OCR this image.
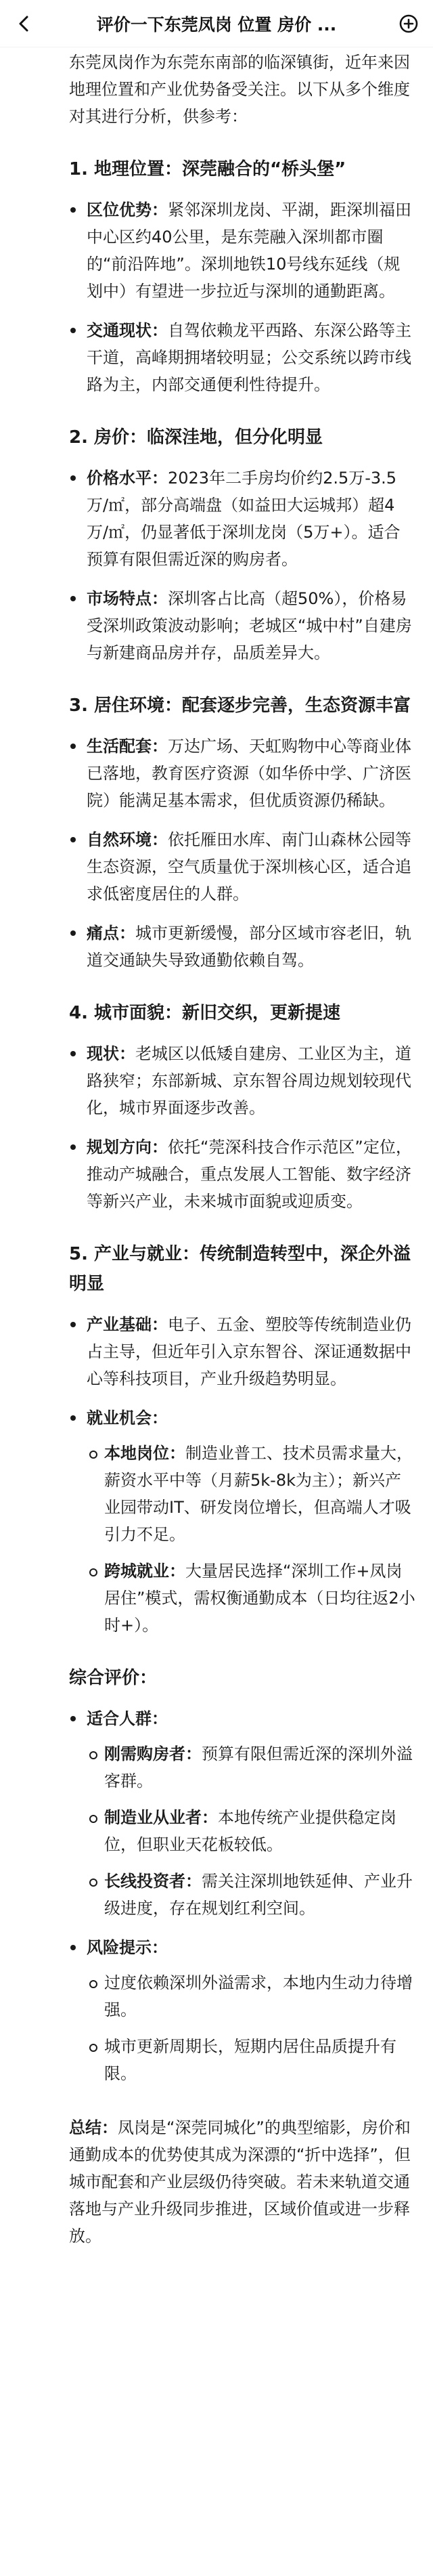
评价一下东莞凤岗 位置 房价 ...

东莞凤岗作为东莞东南部的临深镇街，近年来因地理位置和产业优势备受关注。以下从多个维度对其进行分析，供参考：

1. 地理位置：深莞融合的“桥头堡”
区位优势：紧邻深圳龙岗、平湖，距深圳福田中心区约40公里，是东莞融入深圳都市圈的“前沿阵地”。深圳地铁10号线东延线（规划中）有望进一步拉近与深圳的通勤距离。
交通现状：自驾依赖龙平西路、东深公路等主干道，高峰期拥堵较明显；公交系统以跨市线路为主，内部交通便利性待提升。
2. 房价：临深洼地，但分化明显
价格水平：2023年二手房均价约2.5万-3.5万/㎡，部分高端盘（如益田大运城邦）超4万/㎡，仍显著低于深圳龙岗（5万+）。适合预算有限但需近深的购房者。
市场特点：深圳客占比高（超50%），价格易受深圳政策波动影响；老城区“城中村”自建房与新建商品房并存，品质差异大。
3. 居住环境：配套逐步完善，生态资源丰富
生活配套：万达广场、天虹购物中心等商业体已落地，教育医疗资源（如华侨中学、广济医院）能满足基本需求，但优质资源仍稀缺。
自然环境：依托雁田水库、南门山森林公园等生态资源，空气质量优于深圳核心区，适合追求低密度居住的人群。
痛点：城市更新缓慢，部分区域市容老旧，轨道交通缺失导致通勤依赖自驾。
4. 城市面貌：新旧交织，更新提速
现状：老城区以低矮自建房、工业区为主，道路狭窄；东部新城、京东智谷周边规划较现代化，城市界面逐步改善。
规划方向：依托“莞深科技合作示范区”定位，推动产城融合，重点发展人工智能、数字经济等新兴产业，未来城市面貌或迎质变。
5. 产业与就业：传统制造转型中，深企外溢明显
产业基础：电子、五金、塑胶等传统制造业仍占主导，但近年引入京东智谷、深证通数据中心等科技项目，产业升级趋势明显。
就业机会：
本地岗位：制造业普工、技术员需求量大，薪资水平中等（月薪5k-8k为主）；新兴产业园带动IT、研发岗位增长，但高端人才吸引力不足。
跨城就业：大量居民选择“深圳工作+凤岗居住”模式，需权衡通勤成本（日均往返2小时+）。
综合评价：
适合人群：
刚需购房者：预算有限但需近深的深圳外溢客群。
制造业从业者：本地传统产业提供稳定岗位，但职业天花板较低。
长线投资者：需关注深圳地铁延伸、产业升级进度，存在规划红利空间。
风险提示：
过度依赖深圳外溢需求，本地内生动力待增强。
城市更新周期长，短期内居住品质提升有限。

总结：凤岗是“深莞同城化”的典型缩影，房价和通勤成本的优势使其成为深漂的“折中选择”，但城市配套和产业层级仍待突破。若未来轨道交通落地与产业升级同步推进，区域价值或进一步释放。
